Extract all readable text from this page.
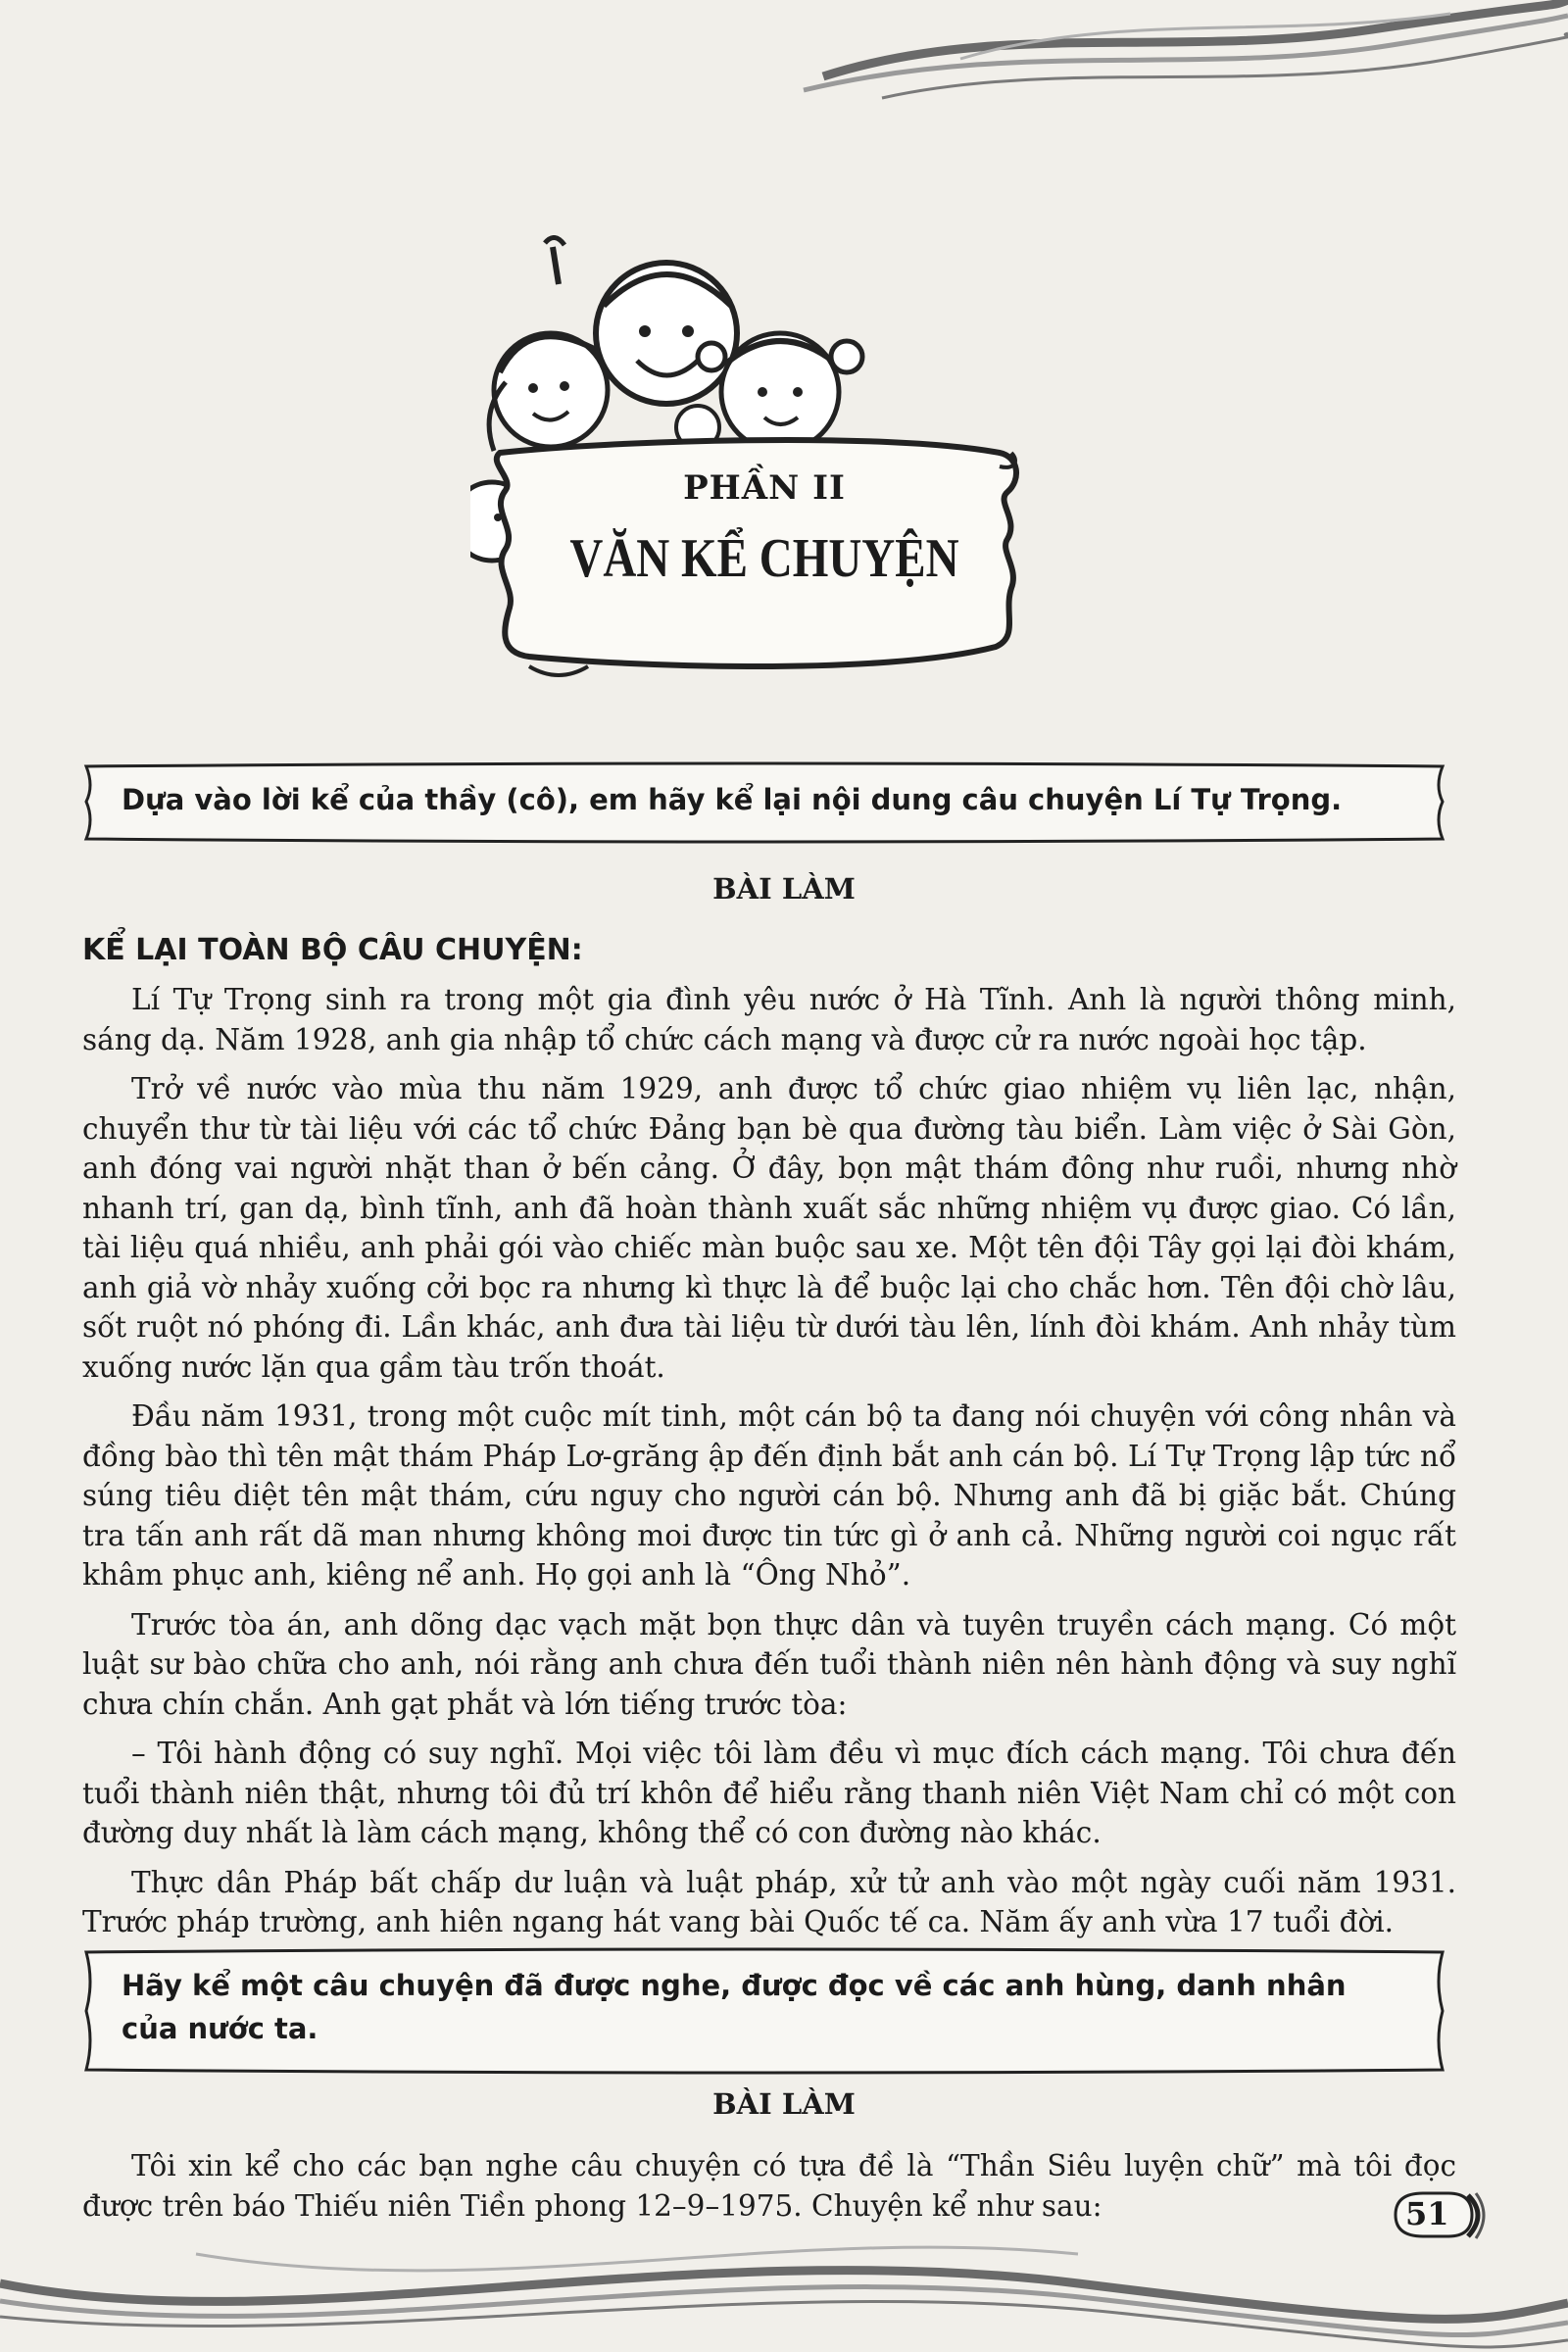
PHẦN II
VĂN KỂ CHUYỆN
Dựa vào lời kể của thầy (cô), em hãy kể lại nội dung câu chuyện Lí Tự Trọng.
BÀI LÀM
KỂ LẠI TOÀN BỘ CÂU CHUYỆN:

Lí Tự Trọng sinh ra trong một gia đình yêu nước ở Hà Tĩnh. Anh là người thông minh, sáng dạ. Năm 1928, anh gia nhập tổ chức cách mạng và được cử ra nước ngoài học tập.

Trở về nước vào mùa thu năm 1929, anh được tổ chức giao nhiệm vụ liên lạc, nhận, chuyển thư từ tài liệu với các tổ chức Đảng bạn bè qua đường tàu biển. Làm việc ở Sài Gòn, anh đóng vai người nhặt than ở bến cảng. Ở đây, bọn mật thám đông như ruồi, nhưng nhờ nhanh trí, gan dạ, bình tĩnh, anh đã hoàn thành xuất sắc những nhiệm vụ được giao. Có lần, tài liệu quá nhiều, anh phải gói vào chiếc màn buộc sau xe. Một tên đội Tây gọi lại đòi khám, anh giả vờ nhảy xuống cởi bọc ra nhưng kì thực là để buộc lại cho chắc hơn. Tên đội chờ lâu, sốt ruột nó phóng đi. Lần khác, anh đưa tài liệu từ dưới tàu lên, lính đòi khám. Anh nhảy tùm xuống nước lặn qua gầm tàu trốn thoát.

Đầu năm 1931, trong một cuộc mít tinh, một cán bộ ta đang nói chuyện với công nhân và đồng bào thì tên mật thám Pháp Lơ-grăng ập đến định bắt anh cán bộ. Lí Tự Trọng lập tức nổ súng tiêu diệt tên mật thám, cứu nguy cho người cán bộ. Nhưng anh đã bị giặc bắt. Chúng tra tấn anh rất dã man nhưng không moi được tin tức gì ở anh cả. Những người coi ngục rất khâm phục anh, kiêng nể anh. Họ gọi anh là “Ông Nhỏ”.

Trước tòa án, anh dõng dạc vạch mặt bọn thực dân và tuyên truyền cách mạng. Có một luật sư bào chữa cho anh, nói rằng anh chưa đến tuổi thành niên nên hành động và suy nghĩ chưa chín chắn. Anh gạt phắt và lớn tiếng trước tòa:

– Tôi hành động có suy nghĩ. Mọi việc tôi làm đều vì mục đích cách mạng. Tôi chưa đến tuổi thành niên thật, nhưng tôi đủ trí khôn để hiểu rằng thanh niên Việt Nam chỉ có một con đường duy nhất là làm cách mạng, không thể có con đường nào khác.

Thực dân Pháp bất chấp dư luận và luật pháp, xử tử anh vào một ngày cuối năm 1931. Trước pháp trường, anh hiên ngang hát vang bài Quốc tế ca. Năm ấy anh vừa 17 tuổi đời.

Hãy kể một câu chuyện đã được nghe, được đọc về các anh hùng, danh nhân của nước ta.
BÀI LÀM

Tôi xin kể cho các bạn nghe câu chuyện có tựa đề là “Thần Siêu luyện chữ” mà tôi đọc được trên báo Thiếu niên Tiền phong 12–9–1975. Chuyện kể như sau:	51
